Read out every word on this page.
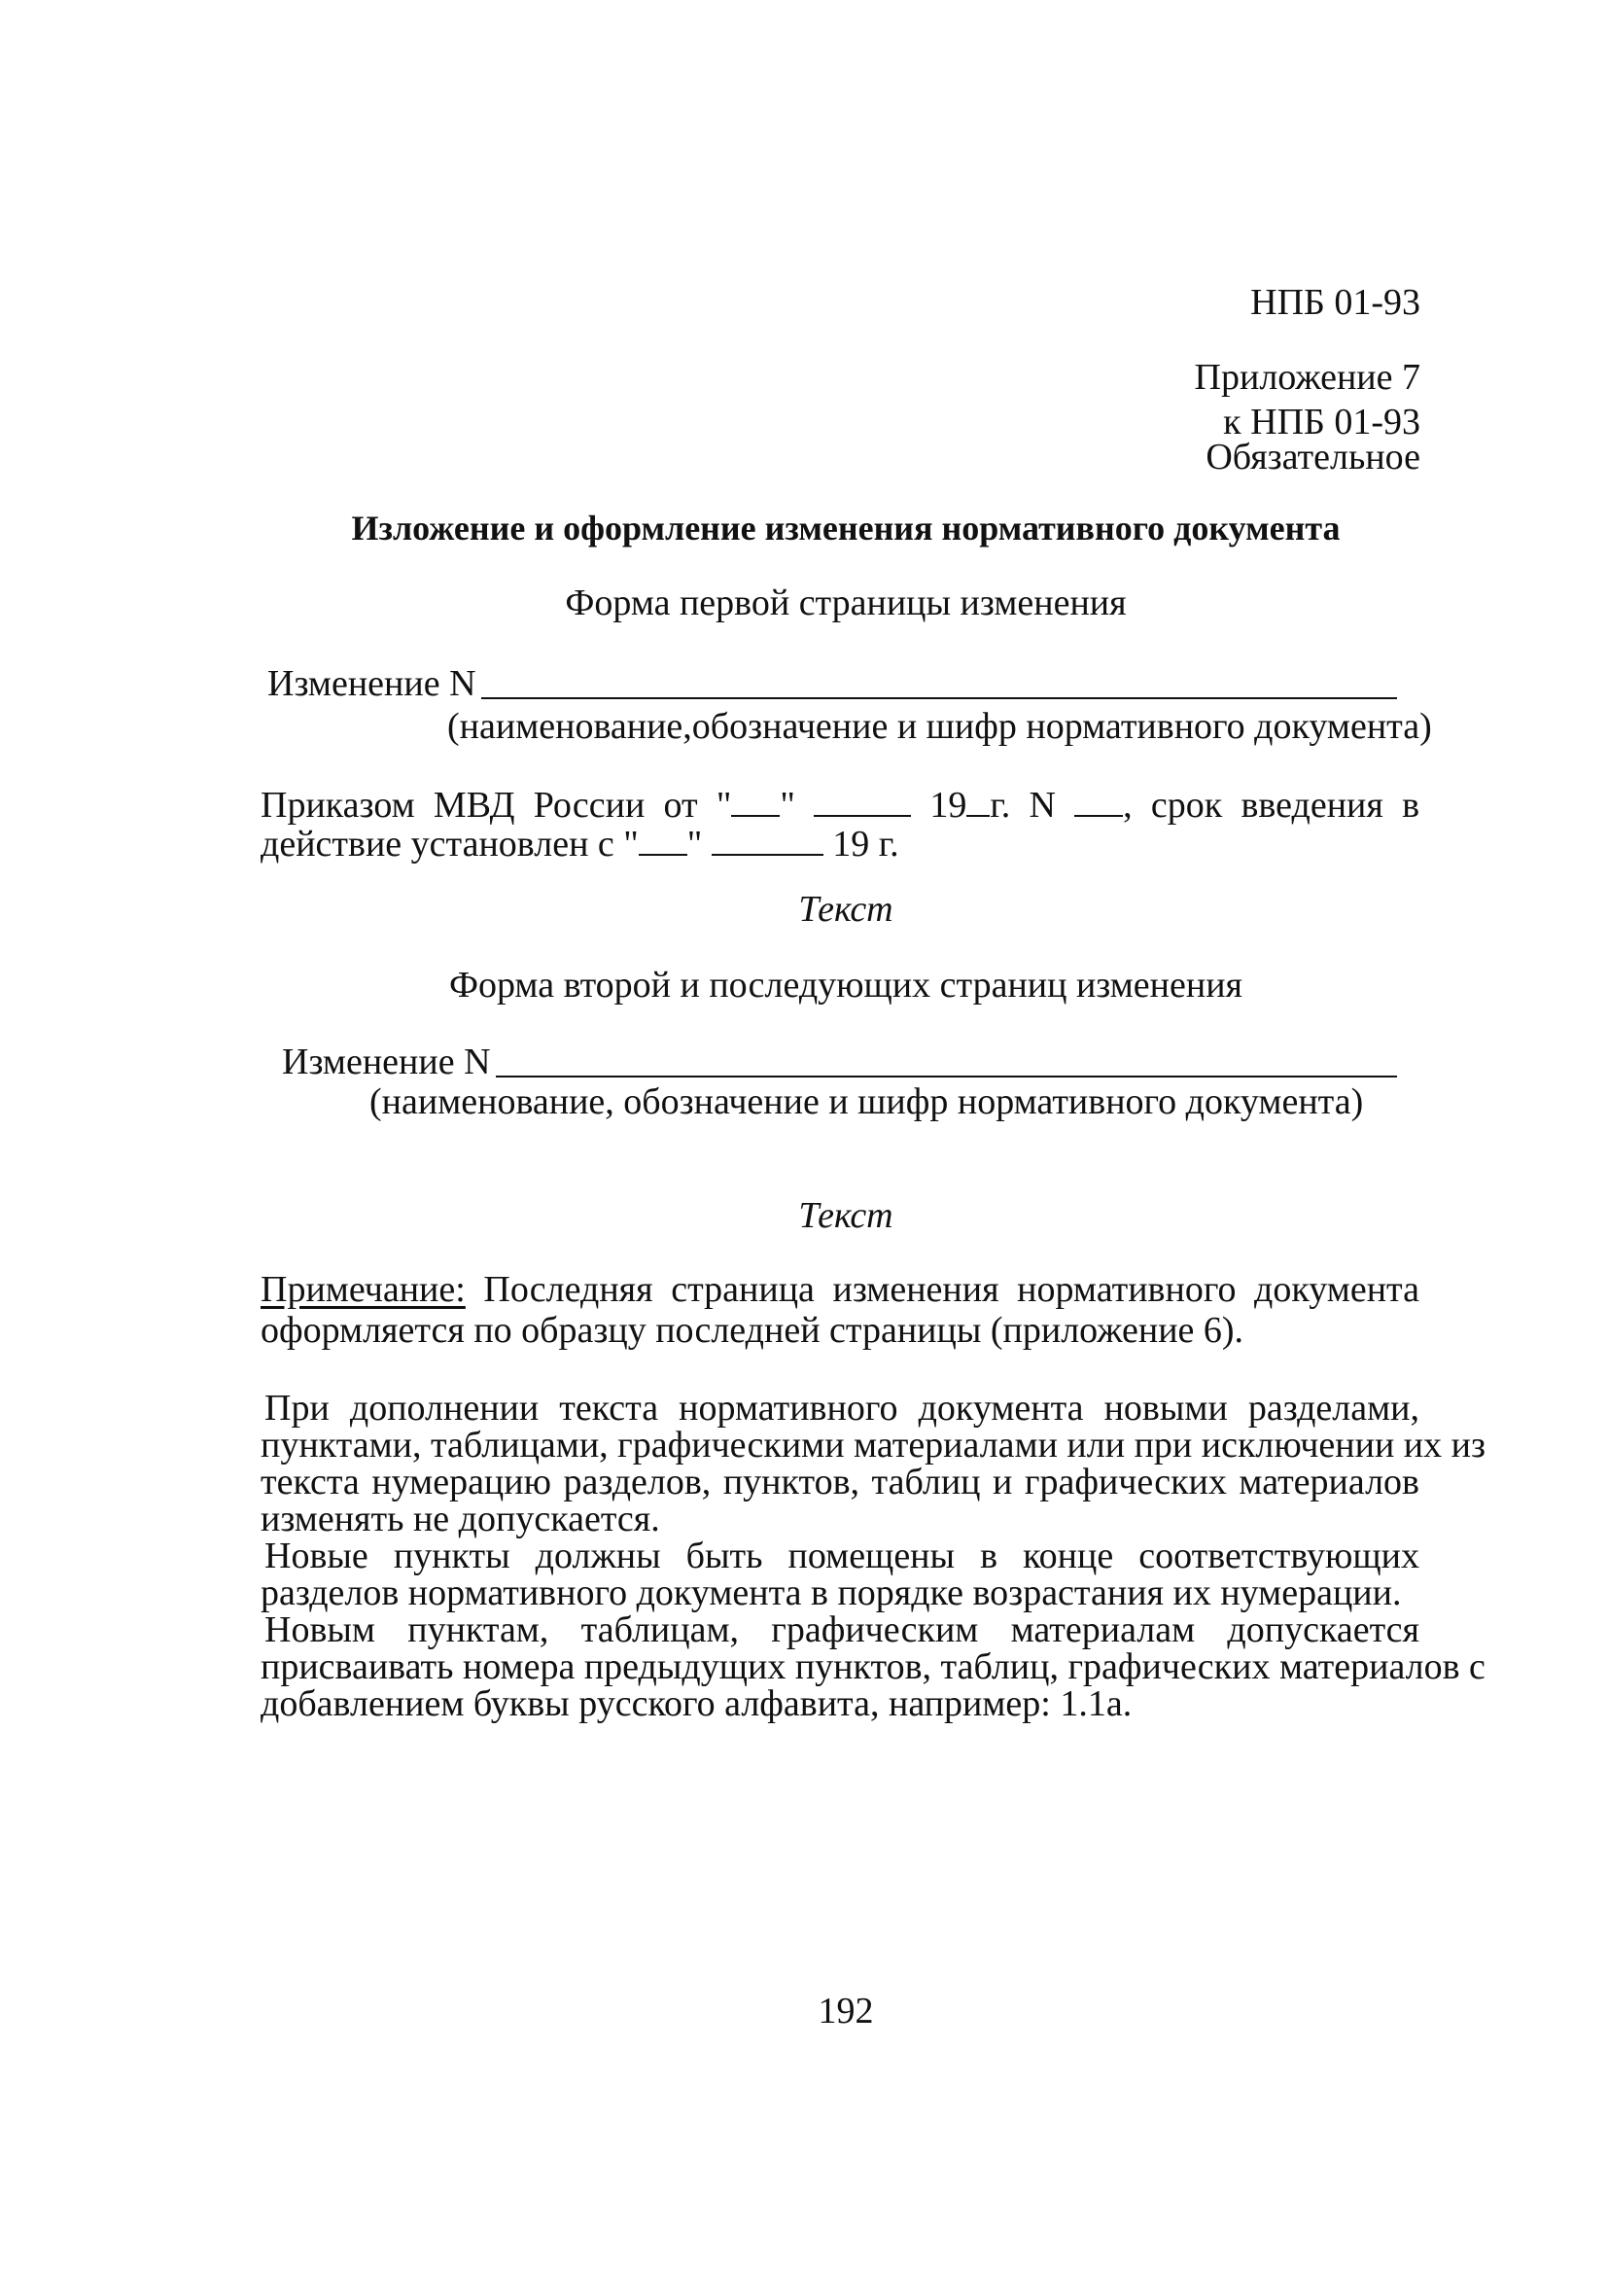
НПБ 01-93
Приложение 7
к НПБ 01-93
Обязательное
Изложение и оформление изменения нормативного документа
Форма первой страницы изменения
Изменение N
(наименование,обозначение и шифр нормативного документа)
Приказом МВД России от " "	19 г. N , срок введения в
действие установлен с " "	19 г.
Текст
Форма второй и последующих страниц изменения
Изменение N
(наименование, обозначение и шифр нормативного документа)
Текст
Примечание: Последняя страница изменения нормативного документа
оформляется по образцу последней страницы (приложение 6).
При дополнении текста нормативного документа новыми разделами,
пунктами, таблицами, графическими материалами или при исключении их из
текста нумерацию разделов, пунктов, таблиц и графических материалов
изменять не допускается.
Новые пункты должны быть помещены в конце соответствующих
разделов нормативного документа в порядке возрастания их нумерации.
Новым пунктам, таблицам, графическим материалам допускается
присваивать номера предыдущих пунктов, таблиц, графических материалов с
добавлением буквы русского алфавита, например: 1.1а.
192
